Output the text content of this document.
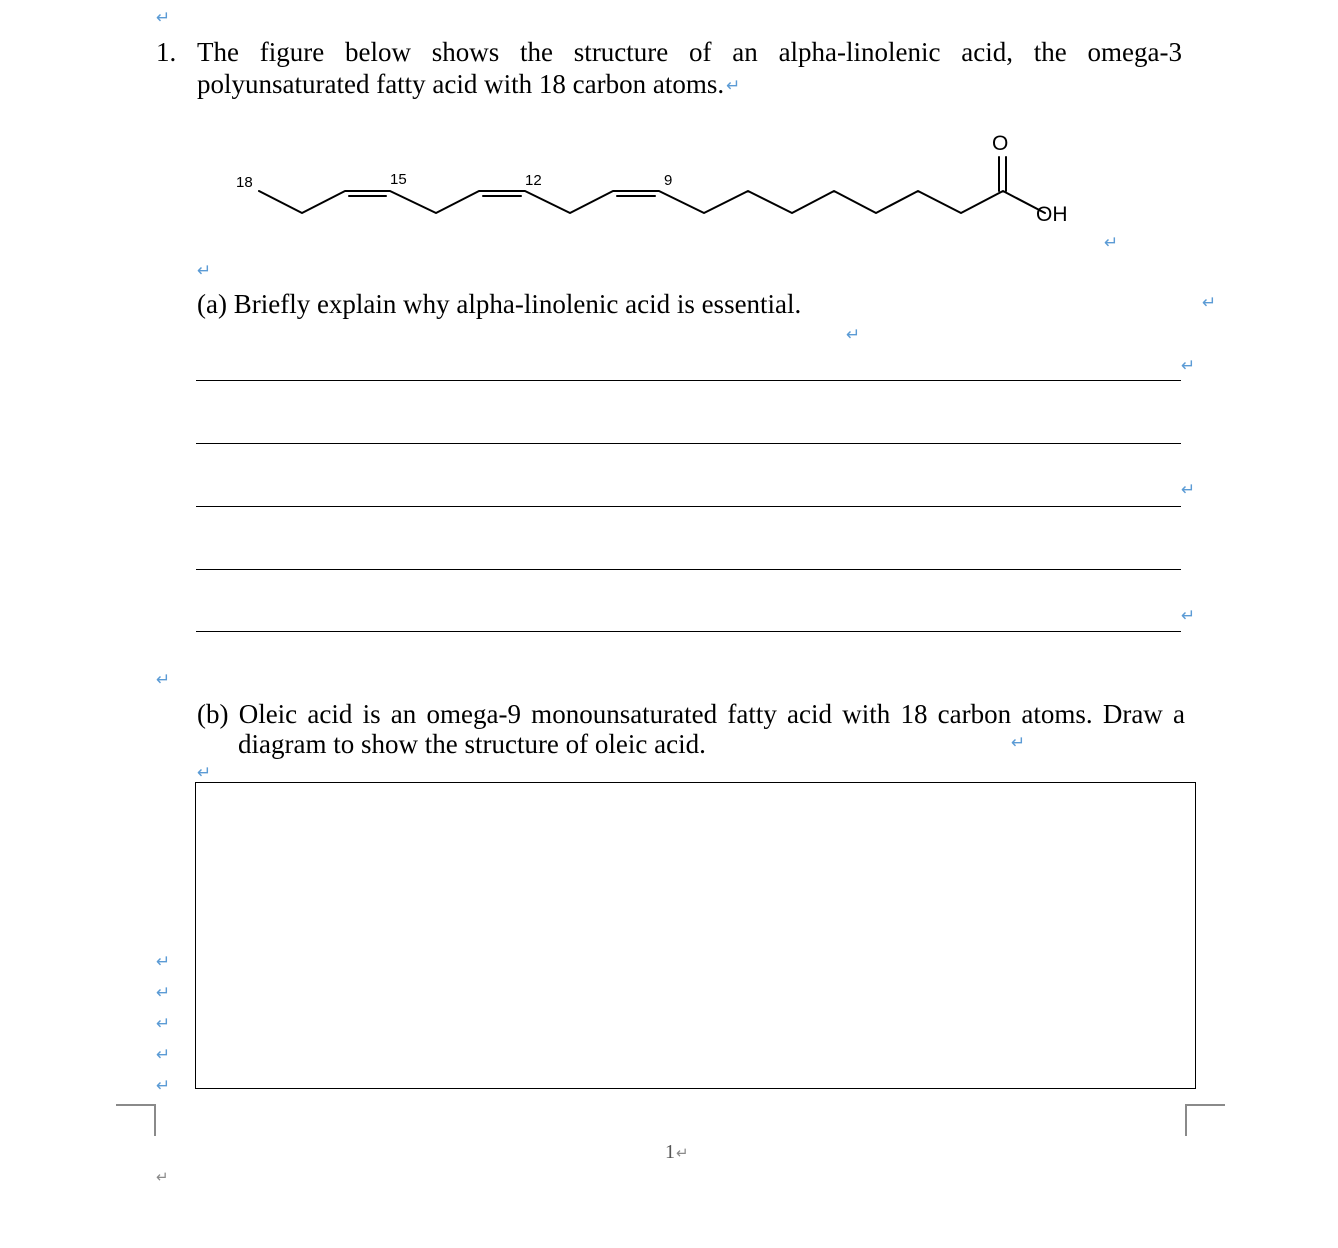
↵
1. The figure below shows the structure of an alpha-linolenic acid, the omega-3
polyunsaturated fatty acid with 18 carbon atoms. ↵
18	15	12	9
O
OH
↵
↵
(a) Briefly explain why alpha-linolenic acid is essential.	↵
↵
↵
↵
↵
↵
(b) Oleic acid is an omega-9 monounsaturated fatty acid with 18 carbon atoms. Draw a
diagram to show the structure of oleic acid.	↵
↵
↵
↵
↵
↵
↵
1↵
↵
